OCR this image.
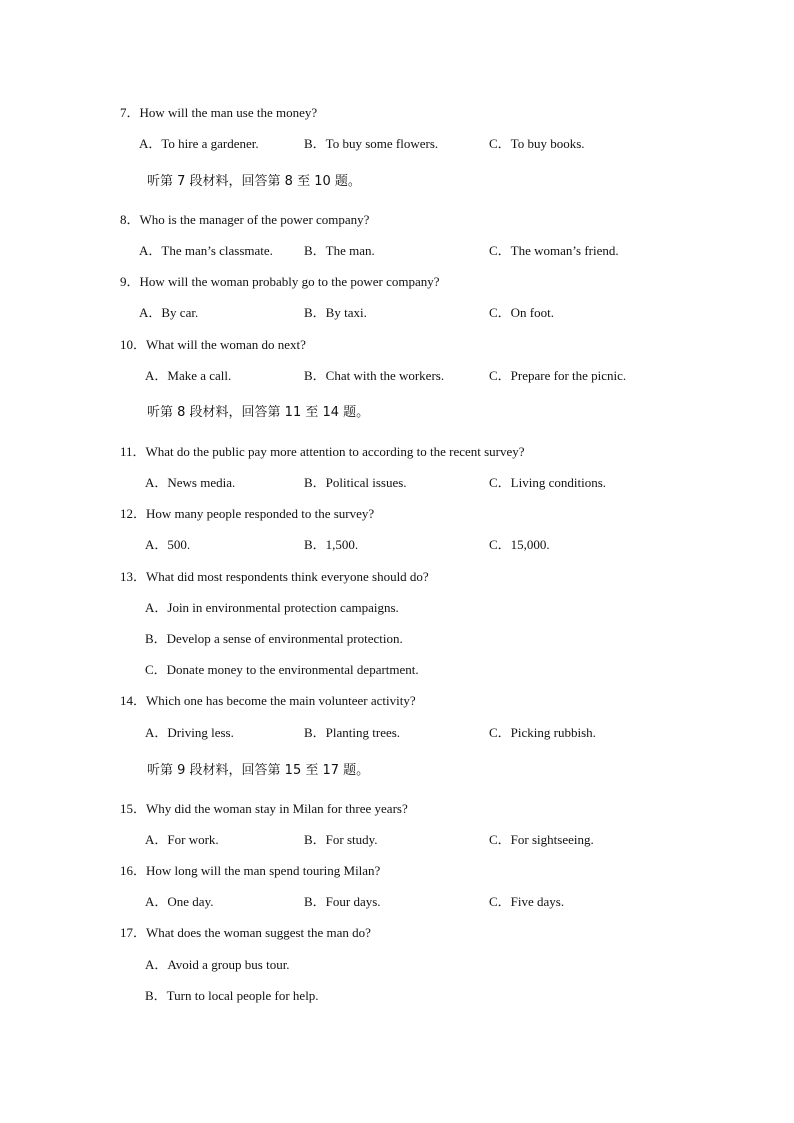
7．How will the man use the money?
A．To hire a gardener.	B．To buy some flowers.	C．To buy books.
听第 7 段材料，回答第 8 至 10 题。
8．Who is the manager of the power company?
A．The man’s classmate. B．The man.	C．The woman’s friend.
9．How will the woman probably go to the power company?
A．By car.	B．By taxi.	C．On foot.
10．What will the woman do next?
A．Make a call.	B．Chat with the workers.	C．Prepare for the picnic.
听第 8 段材料，回答第 11 至 14 题。
11．What do the public pay more attention to according to the recent survey?
A．News media.	B．Political issues.	C．Living conditions.
12．How many people responded to the survey?
A．500.	B．1,500.	C．15,000.
13．What did most respondents think everyone should do?
A．Join in environmental protection campaigns.
B．Develop a sense of environmental protection.
C．Donate money to the environmental department.
14．Which one has become the main volunteer activity?
A．Driving less.	B．Planting trees.	C．Picking rubbish.
听第 9 段材料，回答第 15 至 17 题。
15．Why did the woman stay in Milan for three years?
A．For work.	B．For study.	C．For sightseeing.
16．How long will the man spend touring Milan?
A．One day.	B．Four days.	C．Five days.
17．What does the woman suggest the man do?
A．Avoid a group bus tour.
B．Turn to local people for help.
